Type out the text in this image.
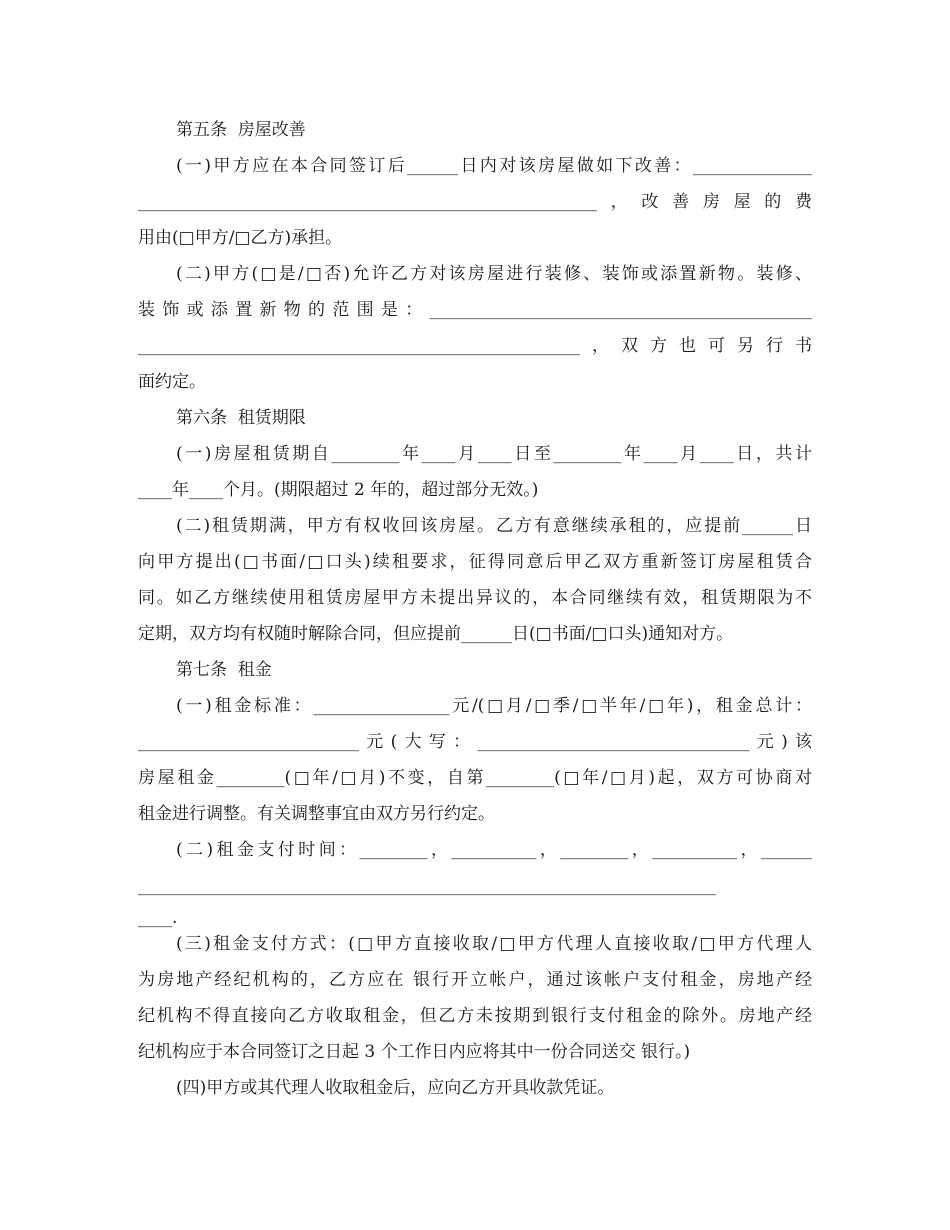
第五条  房屋改善
(一)甲方应在本合同签订后______日内对该房屋做如下改善：______________
______________________________________________________，改善房屋的费
用由(□甲方/□乙方)承担。
(二)甲方(□是/□否)允许乙方对该房屋进行装修、装饰或添置新物。装修、
装饰或添置新物的范围是：_____________________________________________
____________________________________________________，双方也可另行书
面约定。
第六条  租赁期限
(一)房屋租赁期自________年____月____日至________年____月____日，共计
____年____个月。(期限超过 2 年的，超过部分无效。)
(二)租赁期满，甲方有权收回该房屋。乙方有意继续承租的，应提前______日
向甲方提出(□书面/□口头)续租要求，征得同意后甲乙双方重新签订房屋租赁合
同。如乙方继续使用租赁房屋甲方未提出异议的，本合同继续有效，租赁期限为不
定期，双方均有权随时解除合同，但应提前______日(□书面/□口头)通知对方。
第七条  租金
(一)租金标准：________________元/(□月/□季/□半年/□年)，租金总计：
__________________________元(大写：________________________________元)该
房屋租金________(□年/□月)不变，自第________(□年/□月)起，双方可协商对
租金进行调整。有关调整事宜由双方另行约定。
(二)租金支付时间：________，__________，________，__________，______
____________________________________________________________________
____.
(三)租金支付方式：(□甲方直接收取/□甲方代理人直接收取/□甲方代理人
为房地产经纪机构的，乙方应在 银行开立帐户，通过该帐户支付租金，房地产经
纪机构不得直接向乙方收取租金，但乙方未按期到银行支付租金的除外。房地产经
纪机构应于本合同签订之日起 3 个工作日内应将其中一份合同送交 银行。)
(四)甲方或其代理人收取租金后，应向乙方开具收款凭证。
